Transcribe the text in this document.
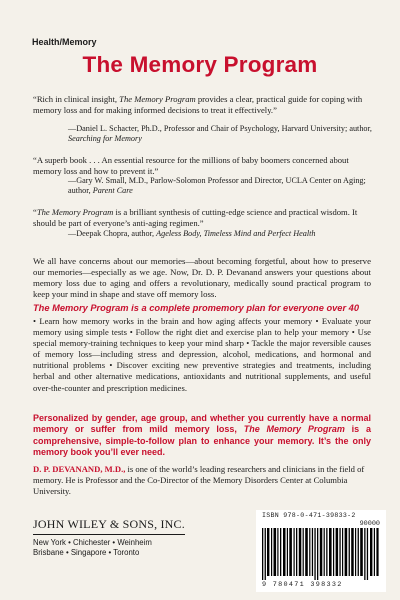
Health/Memory
The Memory Program
“Rich in clinical insight, The Memory Program provides a clear, practical guide for coping with memory loss and for making informed decisions to treat it effectively.”
—Daniel L. Schacter, Ph.D., Professor and Chair of Psychology, Harvard University; author, Searching for Memory
“A superb book . . . An essential resource for the millions of baby boomers concerned about memory loss and how to prevent it.”
—Gary W. Small, M.D., Parlow-Solomon Professor and Director, UCLA Center on Aging; author, Parent Care
“The Memory Program is a brilliant synthesis of cutting-edge science and practical wisdom. It should be part of everyone’s anti-aging regimen.”
—Deepak Chopra, author, Ageless Body, Timeless Mind and Perfect Health
We all have concerns about our memories—about becoming forgetful, about how to preserve our memories—especially as we age. Now, Dr. D. P. Devanand answers your questions about memory loss due to aging and offers a revolutionary, medically sound practical program to keep your mind in shape and stave off memory loss.
The Memory Program is a complete promemory plan for everyone over 40
• Learn how memory works in the brain and how aging affects your memory • Evaluate your memory using simple tests • Follow the right diet and exercise plan to help your memory • Use special memory-training techniques to keep your mind sharp • Tackle the major reversible causes of memory loss—including stress and depression, alcohol, medications, and hormonal and nutritional problems • Discover exciting new preventive strategies and treatments, including herbal and other alternative medications, antioxidants and nutritional supplements, and useful over-the-counter and prescription medicines.
Personalized by gender, age group, and whether you currently have a normal memory or suffer from mild memory loss, The Memory Program is a comprehensive, simple-to-follow plan to enhance your memory. It’s the only memory book you’ll ever need.
D. P. DEVANAND, M.D., is one of the world’s leading researchers and clinicians in the field of memory. He is Professor and the Co-Director of the Memory Disorders Center at Columbia University.
JOHN WILEY & SONS, INC.
New York • Chichester • Weinheim
Brisbane • Singapore • Toronto
ISBN 978-0-471-39833-2
90000
9 780471 398332
